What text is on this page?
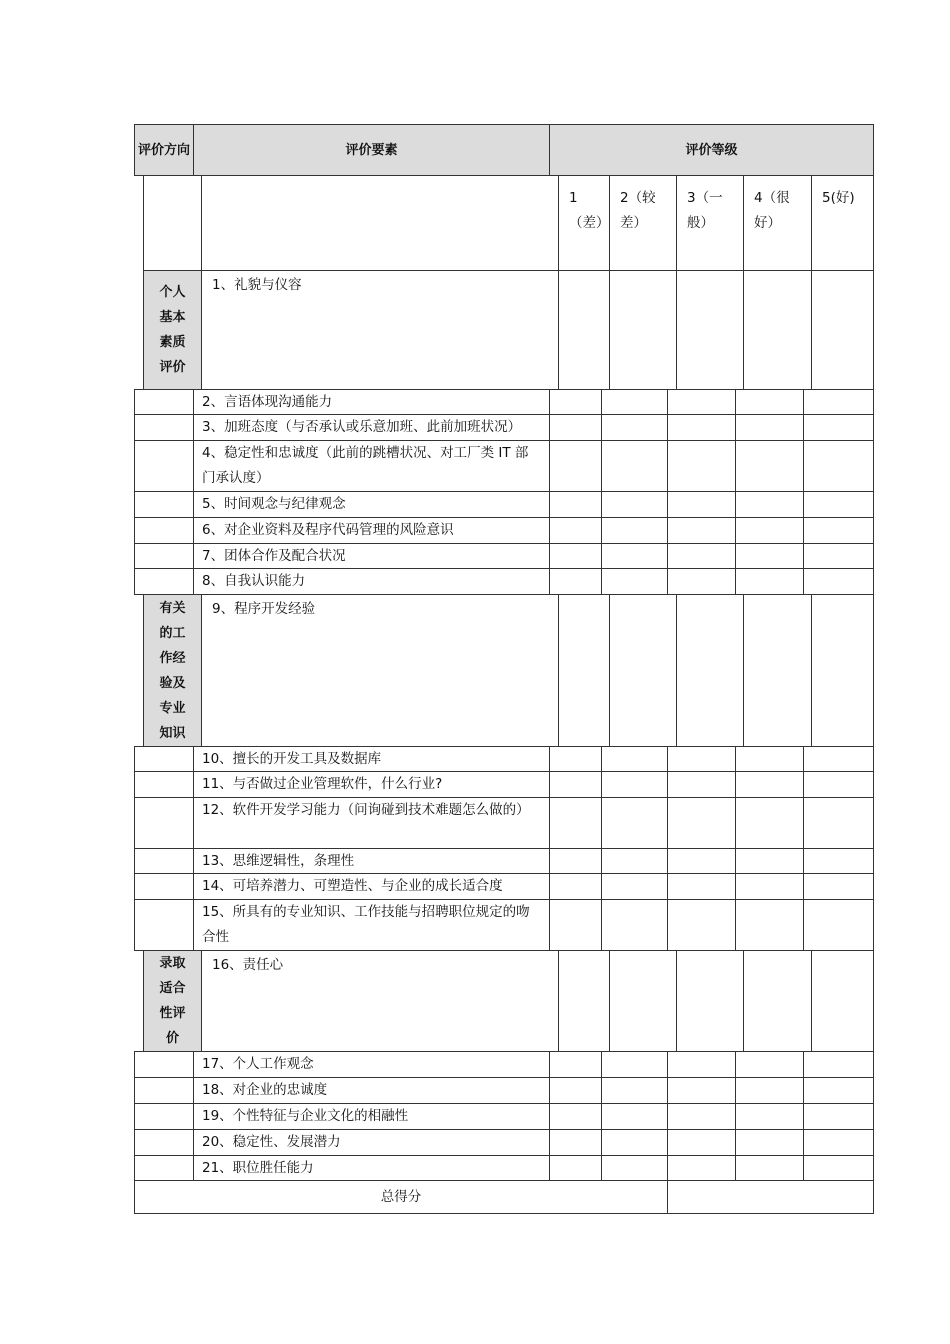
评价方向	评价要素	评价等级
1（差）
2（较差）
3（一般）
4（很好）
5(好)
个人基本素质评价
1、礼貌与仪容
2、言语体现沟通能力
3、加班态度（与否承认或乐意加班、此前加班状况）
4、稳定性和忠诚度（此前的跳槽状况、对工厂类 IT 部门承认度）
5、时间观念与纪律观念
6、对企业资料及程序代码管理的风险意识
7、团体合作及配合状况
8、自我认识能力
有关的工作经验及专业知识
9、程序开发经验
10、擅长的开发工具及数据库
11、与否做过企业管理软件，什么行业?
12、软件开发学习能力（问询碰到技术难题怎么做的）
13、思维逻辑性，条理性
14、可培养潜力、可塑造性、与企业的成长适合度
15、所具有的专业知识、工作技能与招聘职位规定的吻合性
录取适合性评价
16、责任心
17、个人工作观念
18、对企业的忠诚度
19、个性特征与企业文化的相融性
20、稳定性、发展潜力
21、职位胜任能力
总得分
